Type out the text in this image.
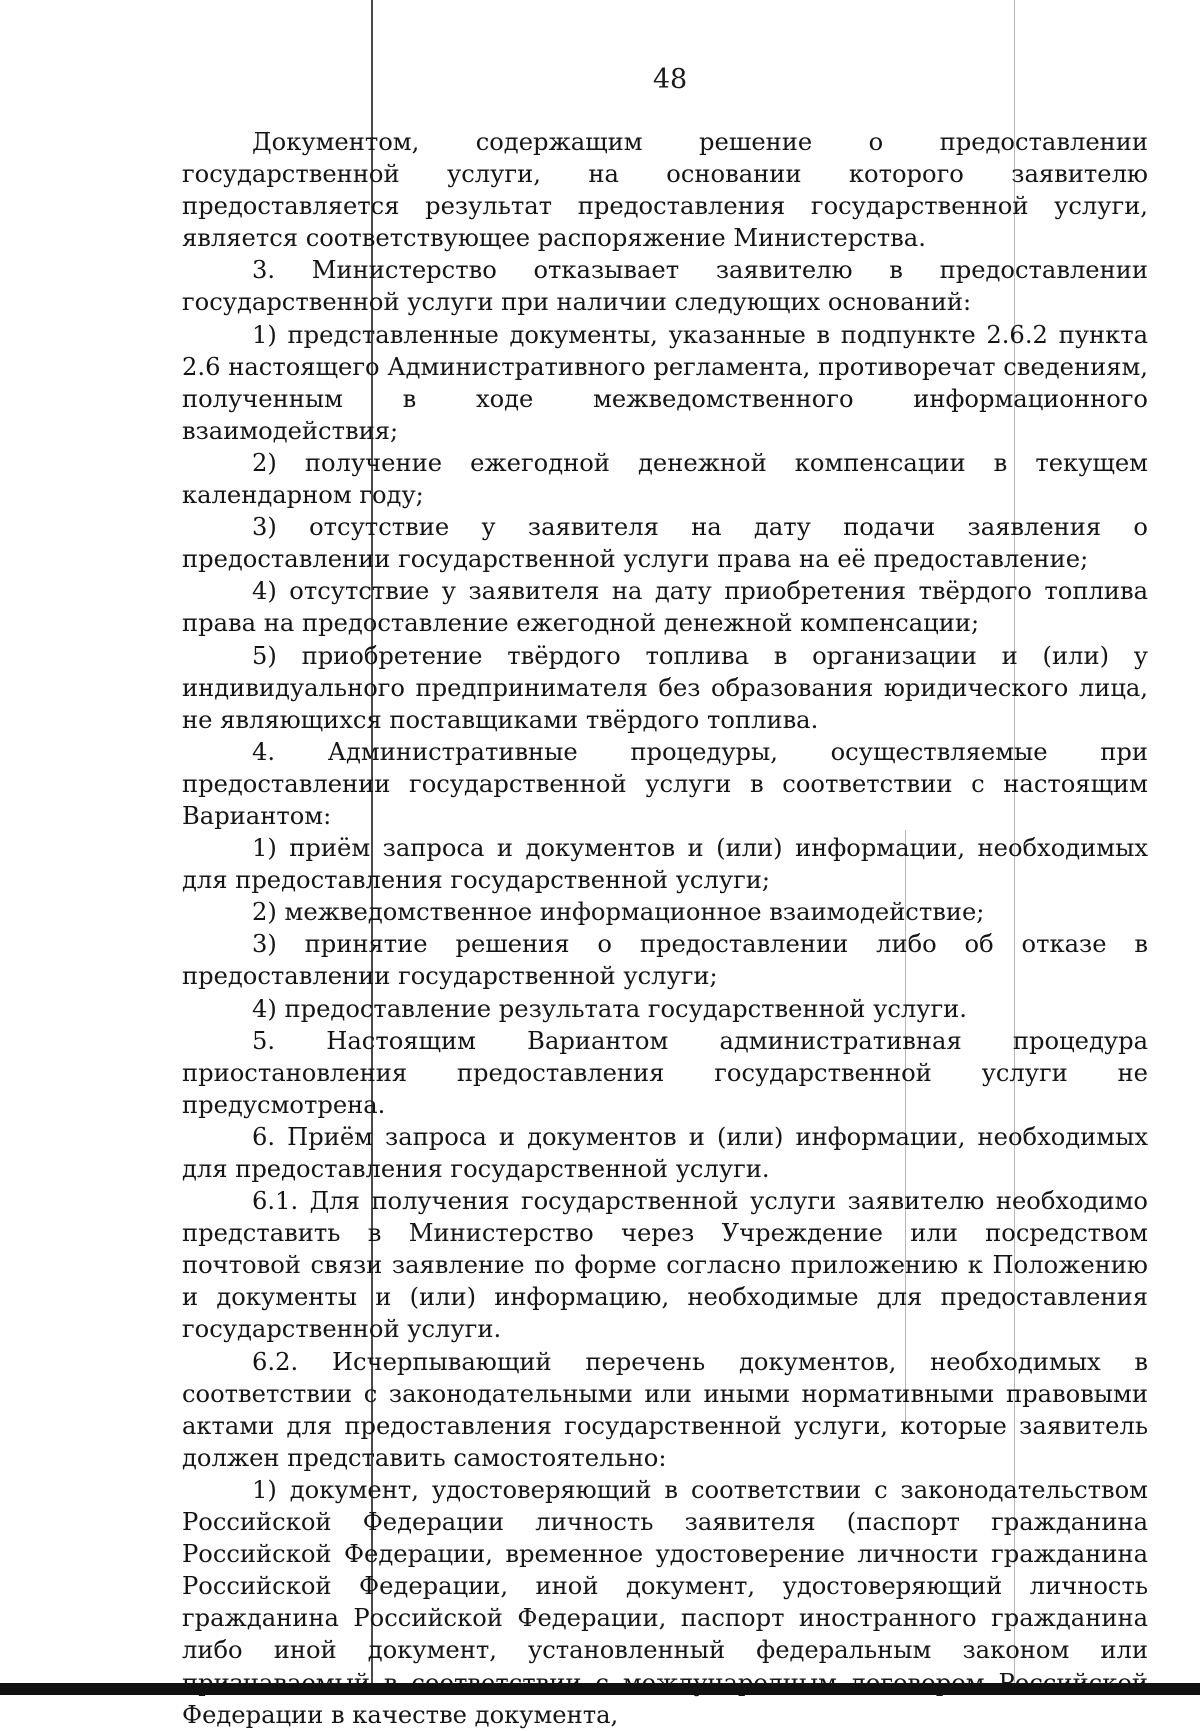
48

Документом, содержащим решение о предоставлении государственной услуги, на основании которого заявителю предоставляется результат предоставления государственной услуги, является соответствующее распоряжение Министерства.

3. Министерство отказывает заявителю в предоставлении государственной услуги при наличии следующих оснований:

1) представленные документы, указанные в подпункте 2.6.2 пункта 2.6 настоящего Административного регламента, противоречат сведениям, полученным в ходе межведомственного информационного взаимодействия;

2) получение ежегодной денежной компенсации в текущем календарном году;

3) отсутствие у заявителя на дату подачи заявления о предоставлении государственной услуги права на её предоставление;

4) отсутствие у заявителя на дату приобретения твёрдого топлива права на предоставление ежегодной денежной компенсации;

5) приобретение твёрдого топлива в организации и (или) у индивидуального предпринимателя без образования юридического лица, не являющихся поставщиками твёрдого топлива.

4. Административные процедуры, осуществляемые при предоставлении государственной услуги в соответствии с настоящим Вариантом:

1) приём запроса и документов и (или) информации, необходимых для предоставления государственной услуги;

2) межведомственное информационное взаимодействие;

3) принятие решения о предоставлении либо об отказе в предоставлении государственной услуги;

4) предоставление результата государственной услуги.

5. Настоящим Вариантом административная процедура приостановления предоставления государственной услуги не предусмотрена.

6. Приём запроса и документов и (или) информации, необходимых для предоставления государственной услуги.

6.1. Для получения государственной услуги заявителю необходимо представить в Министерство через Учреждение или посредством почтовой связи заявление по форме согласно приложению к Положению и документы и (или) информацию, необходимые для предоставления государственной услуги.

6.2. Исчерпывающий перечень документов, необходимых в соответствии с законодательными или иными нормативными правовыми актами для предоставления государственной услуги, которые заявитель должен представить самостоятельно:

1) документ, удостоверяющий в соответствии с законодательством Российской Федерации личность заявителя (паспорт гражданина Российской Федерации, временное удостоверение личности гражданина Российской Федерации, иной документ, удостоверяющий личность гражданина Российской Федерации, паспорт иностранного гражданина либо иной документ, установленный федеральным законом или Федерации в качестве документа,
